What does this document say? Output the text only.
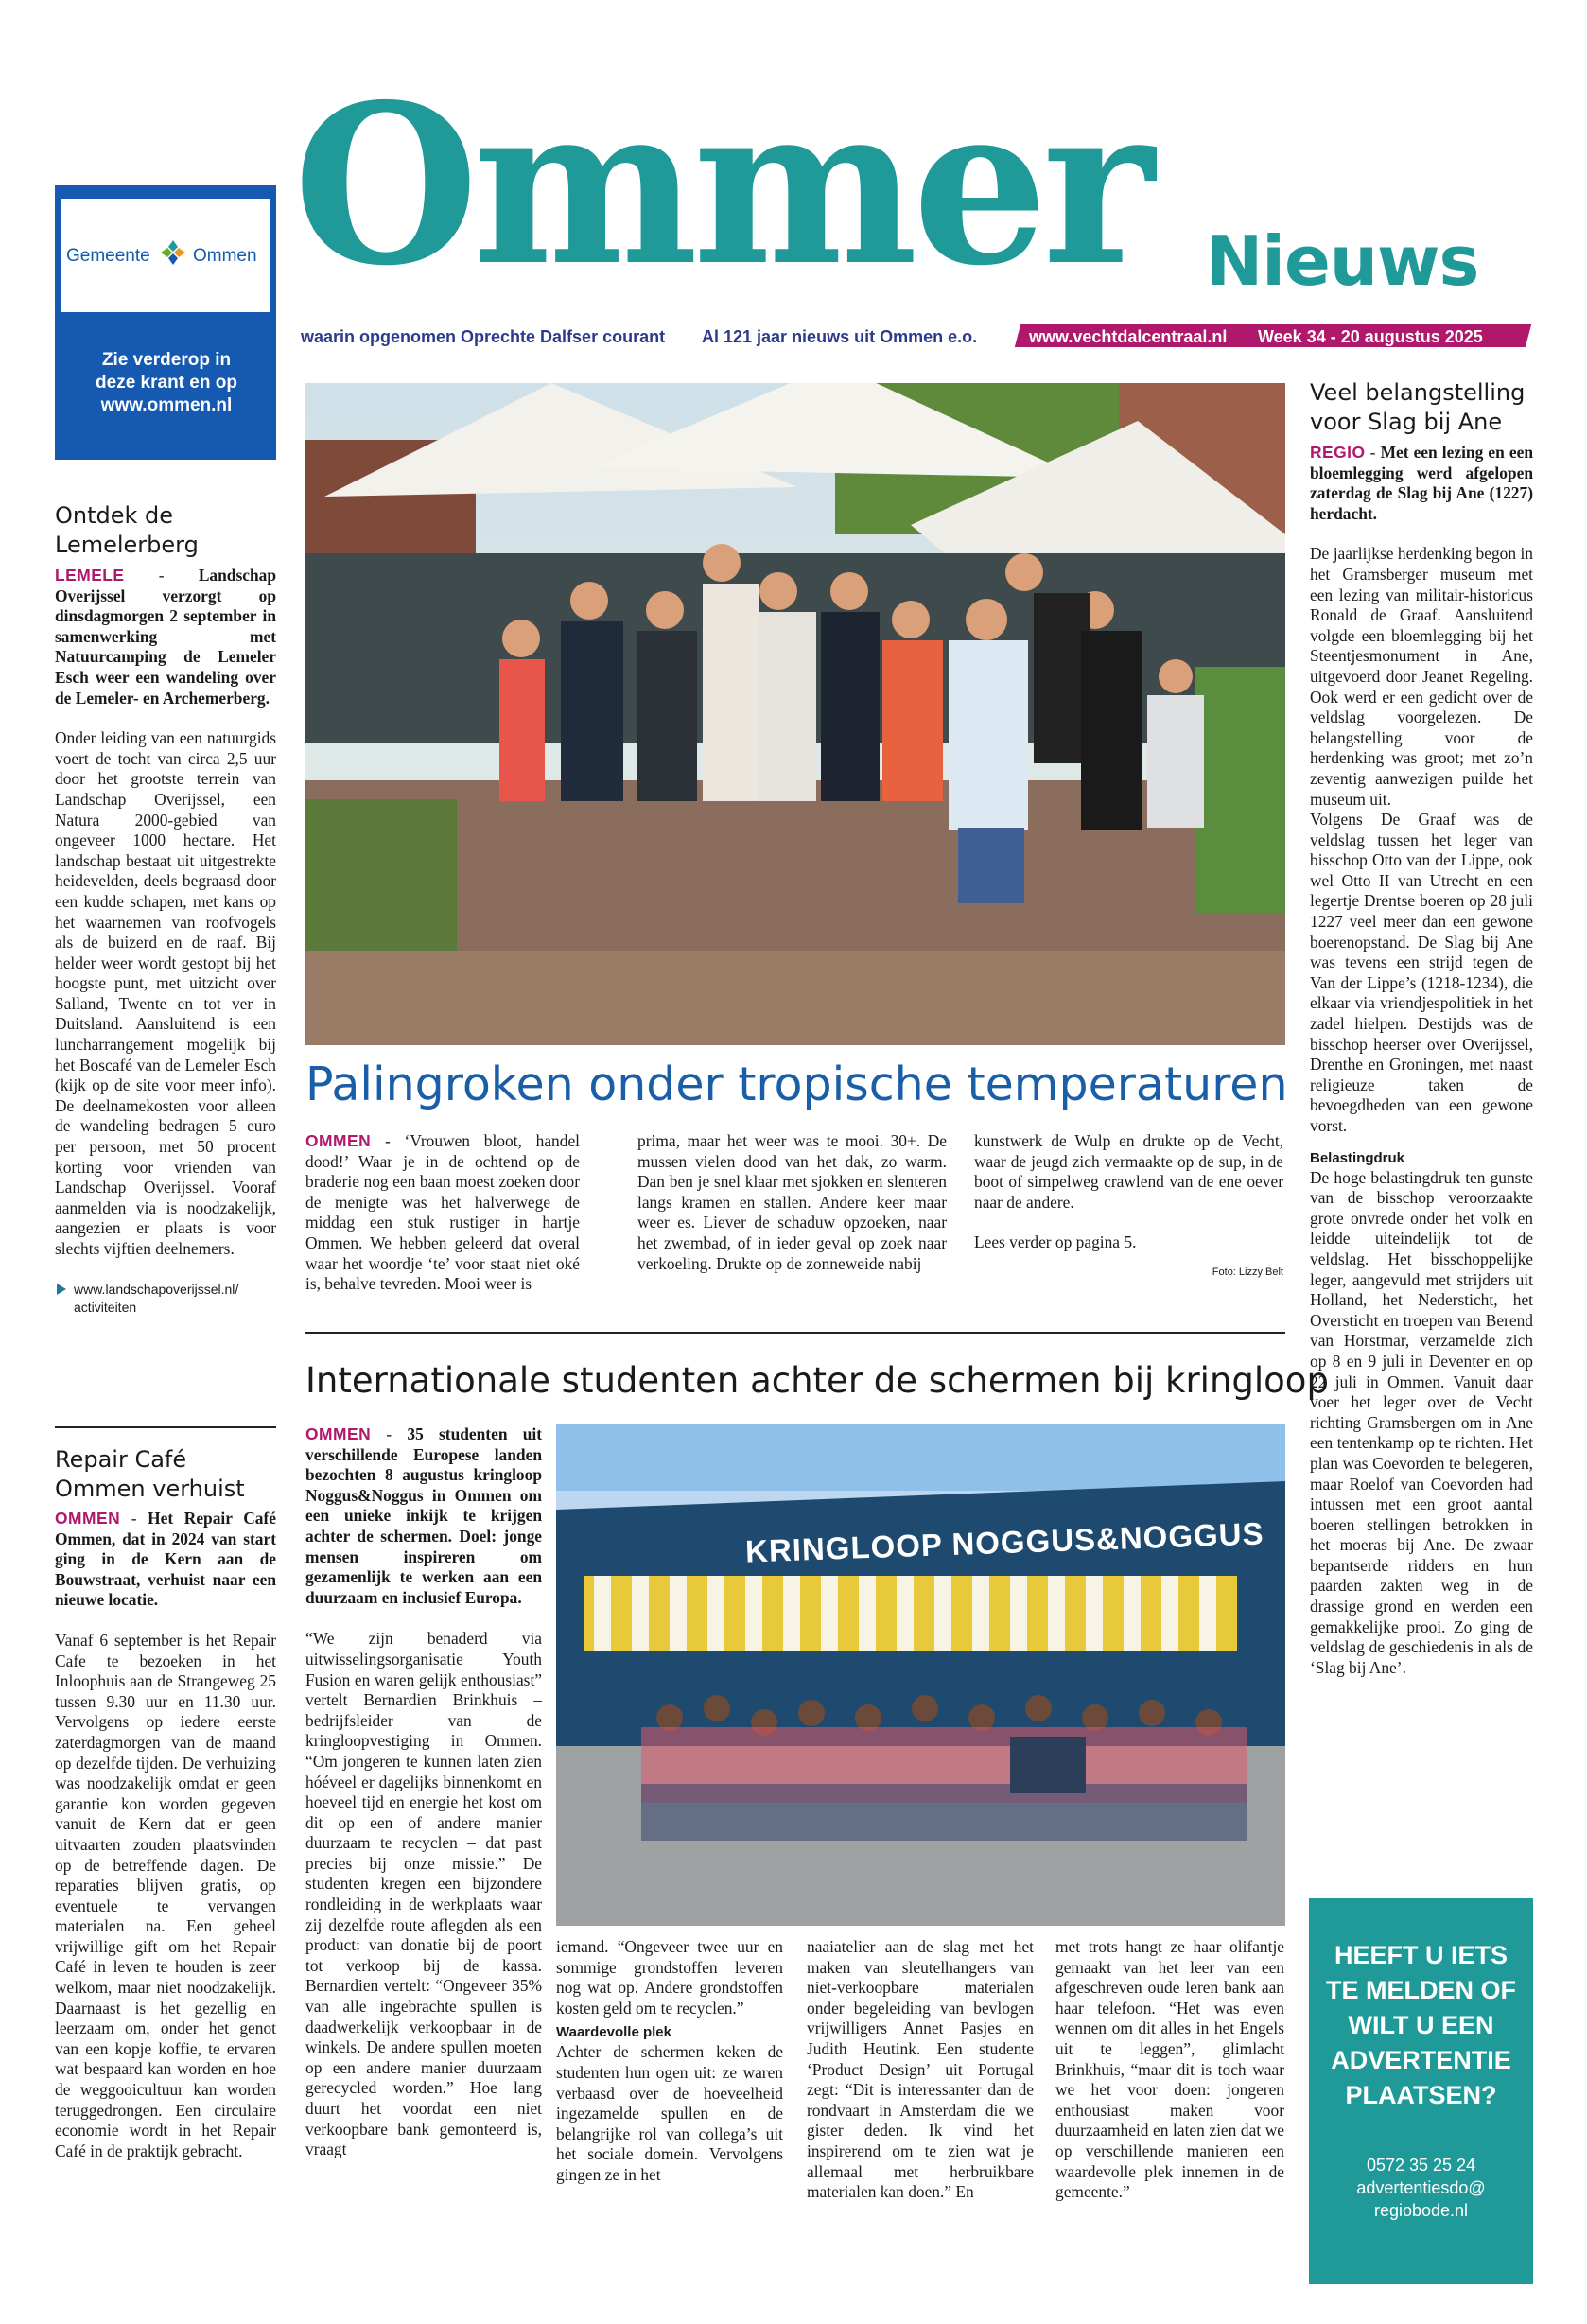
Ommer Nieuws
waarin opgenomen Oprechte Dalfser courant Al 121 jaar nieuws uit Ommen e.o.	www.vechtdalcentraal.nl Week 34 - 20 augustus 2025
Gemeente Ommen
Zie verderop in deze krant en op www.ommen.nl
Ontdek de Lemelerberg

LEMELE - Landschap Overijssel verzorgt op dinsdagmorgen 2 september in samenwerking met Natuurcamping de Lemeler Esch weer een wandeling over de Lemeler- en Archemerberg.

Onder leiding van een natuurgids voert de tocht van circa 2,5 uur door het grootste terrein van Landschap Overijssel, een Natura 2000-gebied van ongeveer 1000 hectare. Het landschap bestaat uit uitgestrekte heidevelden, deels begraasd door een kudde schapen, met kans op het waarnemen van roofvogels als de buizerd en de raaf. Bij helder weer wordt gestopt bij het hoogste punt, met uitzicht over Salland, Twente en tot ver in Duitsland. Aansluitend is een luncharrangement mogelijk bij het Boscafé van de Lemeler Esch (kijk op de site voor meer info). De deelnamekosten voor alleen de wandeling bedragen 5 euro per persoon, met 50 procent korting voor vrienden van Landschap Overijssel. Vooraf aanmelden via is noodzakelijk, aangezien er plaats is voor slechts vijftien deelnemers.

www.landschapoverijssel.nl/
activiteiten
Repair Café Ommen verhuist

OMMEN - Het Repair Café Ommen, dat in 2024 van start ging in de Kern aan de Bouwstraat, verhuist naar een nieuwe locatie.

Vanaf 6 september is het Repair Cafe te bezoeken in het Inloophuis aan de Strangeweg 25 tussen 9.30 uur en 11.30 uur. Vervolgens op iedere eerste zaterdagmorgen van de maand op dezelfde tijden. De verhuizing was noodzakelijk omdat er geen garantie kon worden gegeven vanuit de Kern dat er geen uitvaarten zouden plaatsvinden op de betreffende dagen. De reparaties blijven gratis, op eventuele te vervangen materialen na. Een geheel vrijwillige gift om het Repair Café in leven te houden is zeer welkom, maar niet noodzakelijk. Daarnaast is het gezellig en leerzaam om, onder het genot van een kopje koffie, te ervaren wat bespaard kan worden en hoe de weggooicultuur kan worden teruggedrongen. Een circulaire economie wordt in het Repair Café in de praktijk gebracht.

Palingroken onder tropische temperaturen

OMMEN - ‘Vrouwen bloot, handel dood!’ Waar je in de ochtend op de braderie nog een baan moest zoeken door de menigte was het halverwege de middag een stuk rustiger in hartje Ommen. We hebben geleerd dat overal waar het woordje ‘te’ voor staat niet oké is, behalve tevreden. Mooi weer is

prima, maar het weer was te mooi. 30+. De mussen vielen dood van het dak, zo warm. Dan ben je snel klaar met sjokken en slenteren langs kramen en stallen. Andere keer maar weer es. Liever de schaduw opzoeken, naar het zwembad, of in ieder geval op zoek naar verkoeling. Drukte op de zonneweide nabij

kunstwerk de Wulp en drukte op de Vecht, waar de jeugd zich vermaakte op de sup, in de boot of simpelweg crawlend van de ene oever naar de andere.

Lees verder op pagina 5.

Foto: Lizzy Belt
Internationale studenten achter de schermen bij kringloop

OMMEN - 35 studenten uit verschillende Europese landen bezochten 8 augustus kringloop Noggus&Noggus in Ommen om een unieke inkijk te krijgen achter de schermen. Doel: jonge mensen inspireren om gezamenlijk te werken aan een duurzaam en inclusief Europa.

“We zijn benaderd via uitwisselingsorganisatie Youth Fusion en waren gelijk enthousiast” vertelt Bernardien Brinkhuis – bedrijfsleider van de kringloopvestiging in Ommen. “Om jongeren te kunnen laten zien hóéveel er dagelijks binnenkomt en hoeveel tijd en energie het kost om dit op een of andere manier duurzaam te recyclen – dat past precies bij onze missie.” De studenten kregen een bijzondere rondleiding in de werkplaats waar zij dezelfde route aflegden als een product: van donatie bij de poort tot verkoop bij de kassa. Bernardien vertelt: “Ongeveer 35% van alle ingebrachte spullen is daadwerkelijk verkoopbaar in de winkels. De andere spullen moeten op een andere manier duurzaam gerecycled worden.” Hoe lang duurt het voordat een niet verkoopbare bank gemonteerd is, vraagt

KRINGLOOP NOGGUS&NOGGUS

iemand. “Ongeveer twee uur en sommige grondstoffen leveren nog wat op. Andere grondstoffen kosten geld om te recyclen.”

Waardevolle plek

Achter de schermen keken de studenten hun ogen uit: ze waren verbaasd over de hoeveelheid ingezamelde spullen en de belangrijke rol van collega’s uit het sociale domein. Vervolgens gingen ze in het

naaiatelier aan de slag met het maken van sleutelhangers van niet-verkoopbare materialen onder begeleiding van bevlogen vrijwilligers Annet Pasjes en Judith Heutink. Een studente ‘Product Design’ uit Portugal zegt: “Dit is interessanter dan de rondvaart in Amsterdam die we gister deden. Ik vind het inspirerend om te zien wat je allemaal met herbruikbare materialen kan doen.” En

met trots hangt ze haar olifantje gemaakt van het leer van een afgeschreven oude leren bank aan haar telefoon. “Het was even wennen om dit alles in het Engels uit te leggen”, glimlacht Brinkhuis, “maar dit is toch waar we het voor doen: jongeren enthousiast maken voor duurzaamheid en laten zien dat we op verschillende manieren een waardevolle plek innemen in de gemeente.”

Veel belangstelling voor Slag bij Ane

REGIO - Met een lezing en een bloemlegging werd afgelopen zaterdag de Slag bij Ane (1227) herdacht.

De jaarlijkse herdenking begon in het Gramsberger museum met een lezing van militair-historicus Ronald de Graaf. Aansluitend volgde een bloemlegging bij het Steentjesmonument in Ane, uitgevoerd door Jeanet Regeling. Ook werd er een gedicht over de veldslag voorgelezen. De belangstelling voor de herdenking was groot; met zo’n zeventig aanwezigen puilde het museum uit.

Volgens De Graaf was de veldslag tussen het leger van bisschop Otto van der Lippe, ook wel Otto II van Utrecht en een legertje Drentse boeren op 28 juli 1227 veel meer dan een gewone boerenopstand. De Slag bij Ane was tevens een strijd tegen de Van der Lippe’s (1218-1234), die elkaar via vriendjespolitiek in het zadel hielpen. Destijds was de bisschop heerser over Overijssel, Drenthe en Groningen, met naast religieuze taken de bevoegdheden van een gewone vorst.

Belastingdruk

De hoge belastingdruk ten gunste van de bisschop veroorzaakte grote onvrede onder het volk en leidde uiteindelijk tot de veldslag. Het bisschoppelijke leger, aangevuld met strijders uit Holland, het Nedersticht, het Oversticht en troepen van Berend van Horstmar, verzamelde zich op 8 en 9 juli in Deventer en op 22 juli in Ommen. Vanuit daar voer het leger over de Vecht richting Gramsbergen om in Ane een tentenkamp op te richten. Het plan was Coevorden te belegeren, maar Roelof van Coevorden had intussen met een groot aantal boeren stellingen betrokken in het moeras bij Ane. De zwaar bepantserde ridders en hun paarden zakten weg in de drassige grond en werden een gemakkelijke prooi. Zo ging de veldslag de geschiedenis in als de ‘Slag bij Ane’.

HEEFT U IETS
TE MELDEN OF
WILT U EEN
ADVERTENTIE
PLAATSEN?
0572 35 25 24
advertentiesdo@
regiobode.nl
